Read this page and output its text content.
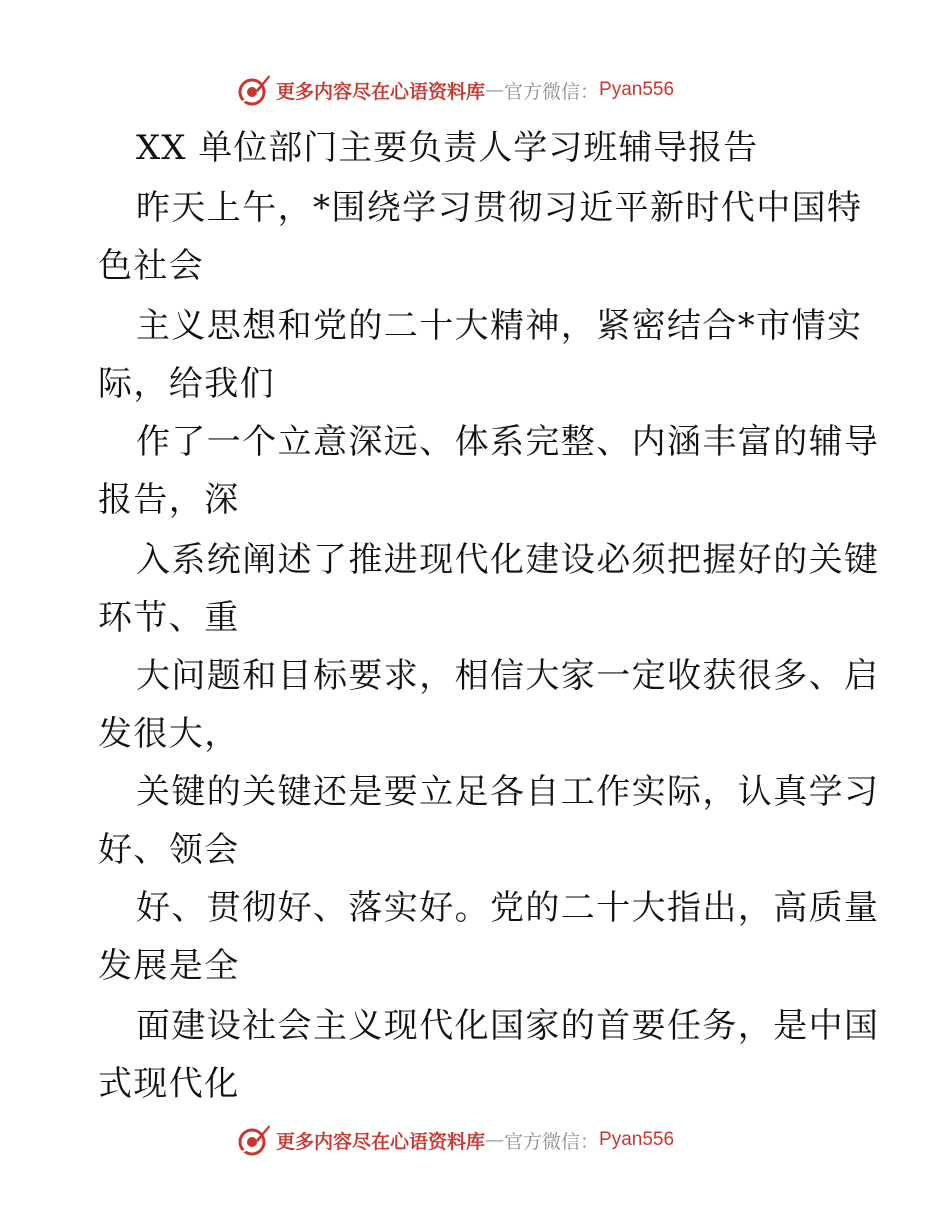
更多内容尽在心语资料库 — 官方微信： Pyan556
XX 单位部门主要负责人学习班辅导报告
昨天上午，*围绕学习贯彻习近平新时代中国特
色社会
主义思想和党的二十大精神，紧密结合*市情实
际，给我们
作了一个立意深远、体系完整、内涵丰富的辅导
报告，深
入系统阐述了推进现代化建设必须把握好的关键
环节、重
大问题和目标要求，相信大家一定收获很多、启
发很大，
关键的关键还是要立足各自工作实际，认真学习
好、领会
好、贯彻好、落实好。党的二十大指出，高质量
发展是全
面建设社会主义现代化国家的首要任务，是中国
式现代化
更多内容尽在心语资料库 — 官方微信： Pyan556
